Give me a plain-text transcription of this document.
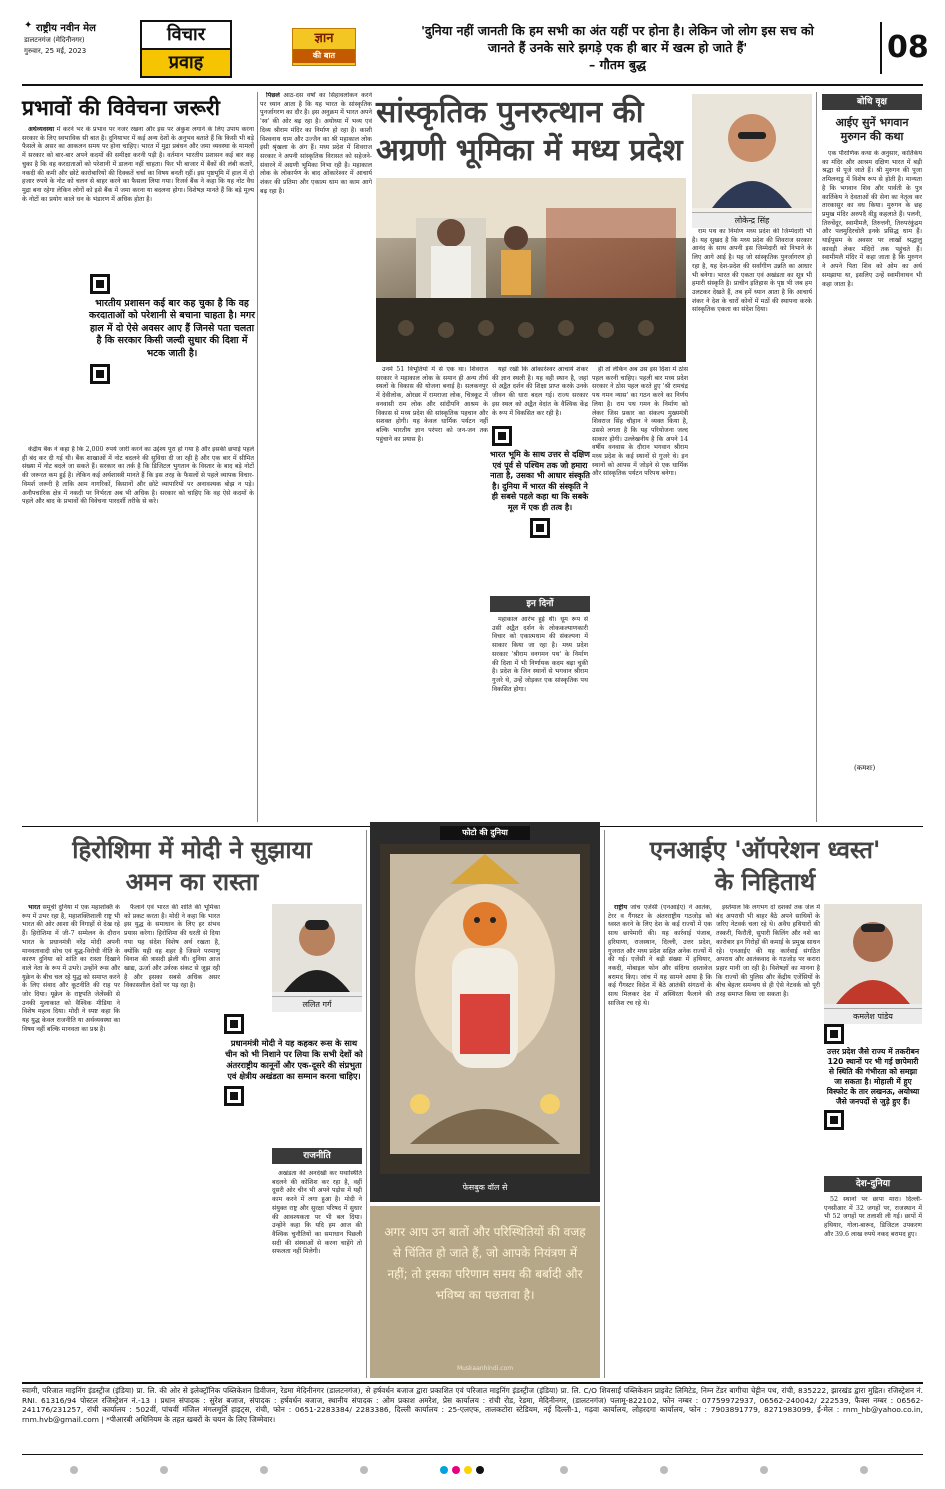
✦ राष्ट्रीय नवीन मेल
डालटनगंज (मेदिनीनगर)
गुरुवार, 25 मई, 2023
विचार
प्रवाह
ज्ञान
की बात
'दुनिया नहीं जानती कि हम सभी का अंत यहीं पर होना है। लेकिन जो लोग इस सच को
जानते हैं उनके सारे झगड़े एक ही बार में खत्म हो जाते हैं'
– गौतम बुद्ध	08
प्रभावों की विवेचना जरूरी

अर्थव्यवस्था में करने भर के प्रभाव पर नजर रखना और इस पर अंकुश लगाने के लिए उपाय करना सरकार के लिए स्वभाविक सी बात है। दुनियाभर में कई अन्य देशों के अनुभव बताते हैं कि किसी भी बड़े फैसले के असर का आकलन समय पर होना चाहिए। भारत में मुद्रा प्रबंधन और जमा व्यवस्था के मामलों में सरकार को बार-बार अपने कदमों की समीक्षा करनी पड़ी है। वर्तमान भारतीय प्रशासन कई बार कह चुका है कि वह करदाताओं को परेशानी में डालना नहीं चाहता। फिर भी बाजार में बैंकों की लंबी कतारें, नकदी की कमी और छोटे कारोबारियों की दिक्कतें चर्चा का विषय बनती रहीं। इस पृष्ठभूमि में हाल में दो हजार रुपये के नोट को चलन से बाहर करने का फैसला लिया गया। रिजर्व बैंक ने कहा कि यह नोट वैध मुद्रा बना रहेगा लेकिन लोगों को इसे बैंक में जमा करना या बदलना होगा। विशेषज्ञ मानते हैं कि बड़े मूल्य के नोटों का प्रयोग काले धन के भंडारण में अधिक होता है।

भारतीय प्रशासन कई बार कह चुका है कि वह करदाताओं को परेशानी से बचाना चाहता है। मगर हाल में दो ऐसे अवसर आए हैं जिनसे पता चलता है कि सरकार किसी जल्दी सुधार की दिशा में भटक जाती है।

केंद्रीय बैंक ने कहा है कि 2,000 रुपये जारी करने का उद्देश्य पूरा हो गया है और इसकी छपाई पहले ही बंद कर दी गई थी। बैंक शाखाओं में नोट बदलने की सुविधा दी जा रही है और एक बार में सीमित संख्या में नोट बदले जा सकते हैं। सरकार का तर्क है कि डिजिटल भुगतान के विस्तार के बाद बड़े नोटों की जरूरत कम हुई है। लेकिन कई अर्थशास्त्री मानते हैं कि इस तरह के फैसलों से पहले व्यापक विचार-विमर्श जरूरी है ताकि आम नागरिकों, किसानों और छोटे व्यापारियों पर अनावश्यक बोझ न पड़े। अनौपचारिक क्षेत्र में नकदी पर निर्भरता अब भी अधिक है। सरकार को चाहिए कि वह ऐसे कदमों के पहले और बाद के प्रभावों की विवेचना पारदर्शी तरीके से करे।

पिछले आठ-दस वर्षों का सिंहावलोकन करने पर ध्यान आता है कि यह भारत के सांस्कृतिक पुनर्जागरण का दौर है। इस अनुक्रम में भारत अपने 'स्व' की ओर बढ़ रहा है। अयोध्या में भव्य एवं दिव्य श्रीराम मंदिर का निर्माण हो रहा है। काशी विश्वनाथ धाम और उज्जैन का श्री महाकाल लोक इसी श्रृंखला के अंग हैं। मध्य प्रदेश में शिवराज सरकार ने अपनी सांस्कृतिक विरासत को सहेजने-संवारने में अग्रणी भूमिका निभा रही है। महाकाल लोक के लोकार्पण के बाद ओंकारेश्वर में आचार्य शंकर की प्रतिमा और एकात्म धाम का काम आगे बढ़ रहा है।

सांस्कृतिक पुनरुत्थान की
अग्रणी भूमिका में मध्य प्रदेश

उनमें 51 विभूतियों में से एक था। शिवराज सरकार ने महाकाल लोक के समान ही अन्य तीर्थ स्थलों के विकास की योजना बनाई है। सलकनपुर में देवीलोक, ओरछा में रामराजा लोक, चित्रकूट में वनवासी राम लोक और सांदीपनि आश्रम के विकास से मध्य प्रदेश की सांस्कृतिक पहचान और सशक्त होगी। यह केवल धार्मिक पर्यटन नहीं बल्कि भारतीय ज्ञान परंपरा को जन-जन तक पहुंचाने का प्रयास है।

यहां रखी कि ओंकारेश्वर आचार्य शंकर की ज्ञान स्थली है। यह वही स्थान है, जहां से अद्वैत दर्शन की शिक्षा प्राप्त करके उनके जीवन की धारा बदल गई। राज्य सरकार इस स्थल को अद्वैत वेदांत के वैश्विक केंद्र के रूप में विकसित कर रही है।

भारत भूमि के साथ उत्तर से दक्षिण एवं पूर्व से पश्चिम तक जो हमारा नाता है, उसका भी आधार संस्कृति है। दुनिया में भारत की संस्कृति ने ही सबसे पहले कहा था कि सबके मूल में एक ही तत्व है।
इन दिनों

महाकाल आरंभ हुई थी। धूम रूप से उसी अद्वैत दर्शन के लोककल्याणकारी विचार को एकात्मधाम की संकल्पना में साकार किया जा रहा है। मध्य प्रदेश सरकार 'श्रीराम वनगमन पथ' के निर्माण की दिशा में भी निर्णायक कदम बढ़ा चुकी है। प्रदेश के जिन स्थानों से भगवान श्रीराम गुजरे थे, उन्हें जोड़कर एक सांस्कृतिक पथ विकसित होगा।

ही तो लेकिन अब उस इस दिशा में ठोस पहल करनी चाहिए। पहली बार मध्य प्रदेश सरकार ने ठोस पहल करते हुए 'श्री रामचंद्र पथ गमन न्यास' का गठन करने का निर्णय लिया है। राम पथ गमन के निर्माण को लेकर जिस प्रकार का संकल्प मुख्यमंत्री शिवराज सिंह चौहान ने व्यक्त किया है, उससे लगता है कि यह परियोजना जल्द साकार होगी। उल्लेखनीय है कि अपने 14 वर्षीय वनवास के दौरान भगवान श्रीराम मध्य प्रदेश के कई स्थानों से गुजरे थे। इन स्थानों को आपस में जोड़ने से एक धार्मिक और सांस्कृतिक पर्यटन परिपथ बनेगा।

लोकेन्द्र सिंह

राम पथ का निर्माण मध्य प्रदेश की जिम्मेदारी भी है। यह सुखद है कि मध्य प्रदेश की शिवराज सरकार आनंद के साथ अपनी इस जिम्मेदारी को निभाने के लिए आगे आई है। यह जो सांस्कृतिक पुनर्जागरण हो रहा है, यह देश-प्रदेश की सर्वांगीण उन्नति का आधार भी बनेगा। भारत की एकता एवं अखंडता का सूत्र भी हमारी संस्कृति है। प्राचीन इतिहास के पृष्ठ भी जब हम उलटकर देखते हैं, तब हमें ध्यान आता है कि आचार्य शंकर ने देश के चारों कोनों में मठों की स्थापना करके सांस्कृतिक एकता का संदेश दिया।

बोधि वृक्ष
आईए सुनें भगवान
मुरुगन की कथा

एक पौराणिक कथा के अनुसार, कार्तिकेय का मंदिर और आश्रम दक्षिण भारत में बड़ी श्रद्धा से पूजे जाते हैं। श्री मुरुगन की पूजा तमिलनाडु में विशेष रूप से होती है। मान्यता है कि भगवान शिव और पार्वती के पुत्र कार्तिकेय ने देवताओं की सेना का नेतृत्व कर तारकासुर का वध किया। मुरुगन के छह प्रमुख मंदिर अरुपदै वीडु कहलाते हैं। पलनी, तिरुचेंदूर, स्वामीमलै, तिरुत्तनी, तिरुपरंकुंद्रम और पलमुदिरचोलै इनके प्रसिद्ध धाम हैं। थाईपूसम के अवसर पर लाखों श्रद्धालु कावड़ी लेकर मंदिरों तक पहुंचते हैं। स्वामीमलै मंदिर में कहा जाता है कि मुरुगन ने अपने पिता शिव को ओम का अर्थ समझाया था, इसलिए उन्हें स्वामीनाथन भी कहा जाता है।

(कमशः)
हिरोशिमा में मोदी ने सुझाया
अमन का रास्ता

भारत समूची दुनिया में एक महाशक्ति के रूप में उभर रहा है, महाशक्तिशाली राष्ट्र भी भारत की ओर आशा की निगाहों से देख रहे हैं। हिरोशिमा में जी-7 सम्मेलन के दौरान भारत के प्रधानमंत्री नरेंद्र मोदी अपनी मानवतावादी सोच एवं युद्ध-विरोधी नीति के कारण दुनिया को शांति का रास्ता दिखाने वाले नेता के रूप में उभरे। उन्होंने रूस और यूक्रेन के बीच चल रहे युद्ध को समाप्त करने के लिए संवाद और कूटनीति की राह पर जोर दिया। यूक्रेन के राष्ट्रपति जेलेंस्की से उनकी मुलाकात को वैश्विक मीडिया ने विशेष महत्व दिया। मोदी ने स्पष्ट कहा कि यह युद्ध केवल राजनीति या अर्थव्यवस्था का विषय नहीं बल्कि मानवता का प्रश्न है।

फैलाने एवं भारत की शांति की भूमिका को प्रकट करता है। मोदी ने कहा कि भारत इस युद्ध के समाधान के लिए हर संभव प्रयास करेगा। हिरोशिमा की धरती से दिया गया यह संदेश विशेष अर्थ रखता है, क्योंकि यही वह शहर है जिसने परमाणु विनाश की त्रासदी झेली थी। दुनिया आज खाद्य, ऊर्जा और उर्वरक संकट से जूझ रही है और इसका सबसे अधिक असर विकासशील देशों पर पड़ रहा है।

ललित गर्ग
प्रधानमंत्री मोदी ने यह कहकर रूस के साथ चीन को भी निशाने पर लिया कि सभी देशों को अंतरराष्ट्रीय कानूनों और एक-दूसरे की संप्रभुता एवं क्षेत्रीय अखंडता का सम्मान करना चाहिए।
राजनीति

अखंडता की अनदेखी कर यथास्थिति बदलने की कोशिश कर रहा है, वहीं दूसरी ओर चीन भी अपने पड़ोस में यही काम करने में लगा हुआ है। मोदी ने संयुक्त राष्ट्र और सुरक्षा परिषद में सुधार की आवश्यकता पर भी बल दिया। उन्होंने कहा कि यदि हम आज की वैश्विक चुनौतियों का समाधान पिछली सदी की संस्थाओं से करना चाहेंगे तो सफलता नहीं मिलेगी।

फोटो की दुनिया
फेसबुक वॉल से
अगर आप उन बातों और परिस्थितियों की वजह से चिंतित हो जाते हैं, जो आपके नियंत्रण में नहीं; तो इसका परिणाम समय की बर्बादी और भविष्य का पछतावा है।
Muskaanhindi.com
एनआईए 'ऑपरेशन ध्वस्त'
के निहितार्थ

राष्ट्रीय जांच एजेंसी (एनआईए) ने आतंक, टेरर व गैंगस्टर के अंतरराष्ट्रीय गठजोड़ को ध्वस्त करने के लिए देश के कई राज्यों में एक साथ छापेमारी की। यह कार्रवाई पंजाब, हरियाणा, राजस्थान, दिल्ली, उत्तर प्रदेश, गुजरात और मध्य प्रदेश सहित अनेक राज्यों में की गई। एजेंसी ने बड़ी संख्या में हथियार, नकदी, मोबाइल फोन और संदिग्ध दस्तावेज बरामद किए। जांच में यह सामने आया है कि कई गैंगस्टर विदेश में बैठे आतंकी संगठनों के साथ मिलकर देश में अस्थिरता फैलाने की साजिश रच रहे थे।

इस्तेमाल कि लगभग दो दशकों तक जेल में बंद अपराधी भी बाहर बैठे अपने साथियों के जरिए नेटवर्क चला रहे थे। अवैध हथियारों की तस्करी, फिरौती, सुपारी किलिंग और नशे का कारोबार इन गिरोहों की कमाई के प्रमुख साधन रहे। एनआईए की यह कार्रवाई संगठित अपराध और आतंकवाद के गठजोड़ पर करारा प्रहार मानी जा रही है। विशेषज्ञों का मानना है कि राज्यों की पुलिस और केंद्रीय एजेंसियों के बीच बेहतर समन्वय से ही ऐसे नेटवर्क को पूरी तरह समाप्त किया जा सकता है।

कमलेश पांडेय
उत्तर प्रदेश जैसे राज्य में तकरीबन 120 स्थानों पर भी गई छापेमारी से स्थिति की गंभीरता को समझा जा सकता है। मोहाली में हुए विस्फोट के तार लखनऊ, अयोध्या जैसे जनपदों से जुड़े हुए हैं।
देश-दुनिया

52 स्थानों पर छापा मारा। दिल्ली-एनसीआर में 32 जगहों पर, राजस्थान में भी 52 जगहों पर तलाशी ली गई। छापों में हथियार, गोला-बारूद, डिजिटल उपकरण और 39.6 लाख रुपये नकद बरामद हुए।

स्वामी, परिजात माइनिंग इंडस्ट्रीज (इंडिया) प्रा. लि. की ओर से इलेक्ट्रॉनिक पब्लिकेशन डिवीजन, रेडमा मेदिनीनगर (डालटनगंज), से हर्षवर्धन बजाज द्वारा प्रकाशित एवं परिजात माइनिंग इंडस्ट्रीज (इंडिया) प्रा. लि. C/O शिवसाईं पब्लिकेशन प्राइवेट लिमिटेड, निम्न टेंडर बागीचा चेट्टीन पथ, रांची, 835222, झारखंड द्वारा मुद्रित। रजिस्ट्रेशन नं. RNI. 61316/94 पोस्टल रजिस्ट्रेशन नं.-13 । प्रधान संपादक : सुरेश बजाज, संपादक : हर्षवर्धन बजाज, स्थानीय संपादक : ओम प्रकाश अमरेश, प्रेस कार्यालय : रांची रोड, रेडमा, मेदिनीनगर, (डालटनगंज) पलामू-822102, फोन नम्बर : 07759972937, 06562-240042/ 222539, फैक्स नम्बर : 06562-241176/231257, रांची कार्यालय : 502वीं, पांचवीं मंजिल मंगलमूर्ति हाइट्स, रांची, फोन : 0651-2283384/ 2283386, दिल्ली कार्यालय : 25-एलएफ, तालकटोरा स्टेडियम, नई दिल्ली-1, गढ़वा कार्यालय, लोहरदगा कार्यालय, फोन : 7903891779, 8271983099, ई-मेल : rnm_hb@yahoo.co.in, rnm.hvb@gmail.com | *पीआरबी अधिनियम के तहत खबरों के चयन के लिए जिम्मेवार।
